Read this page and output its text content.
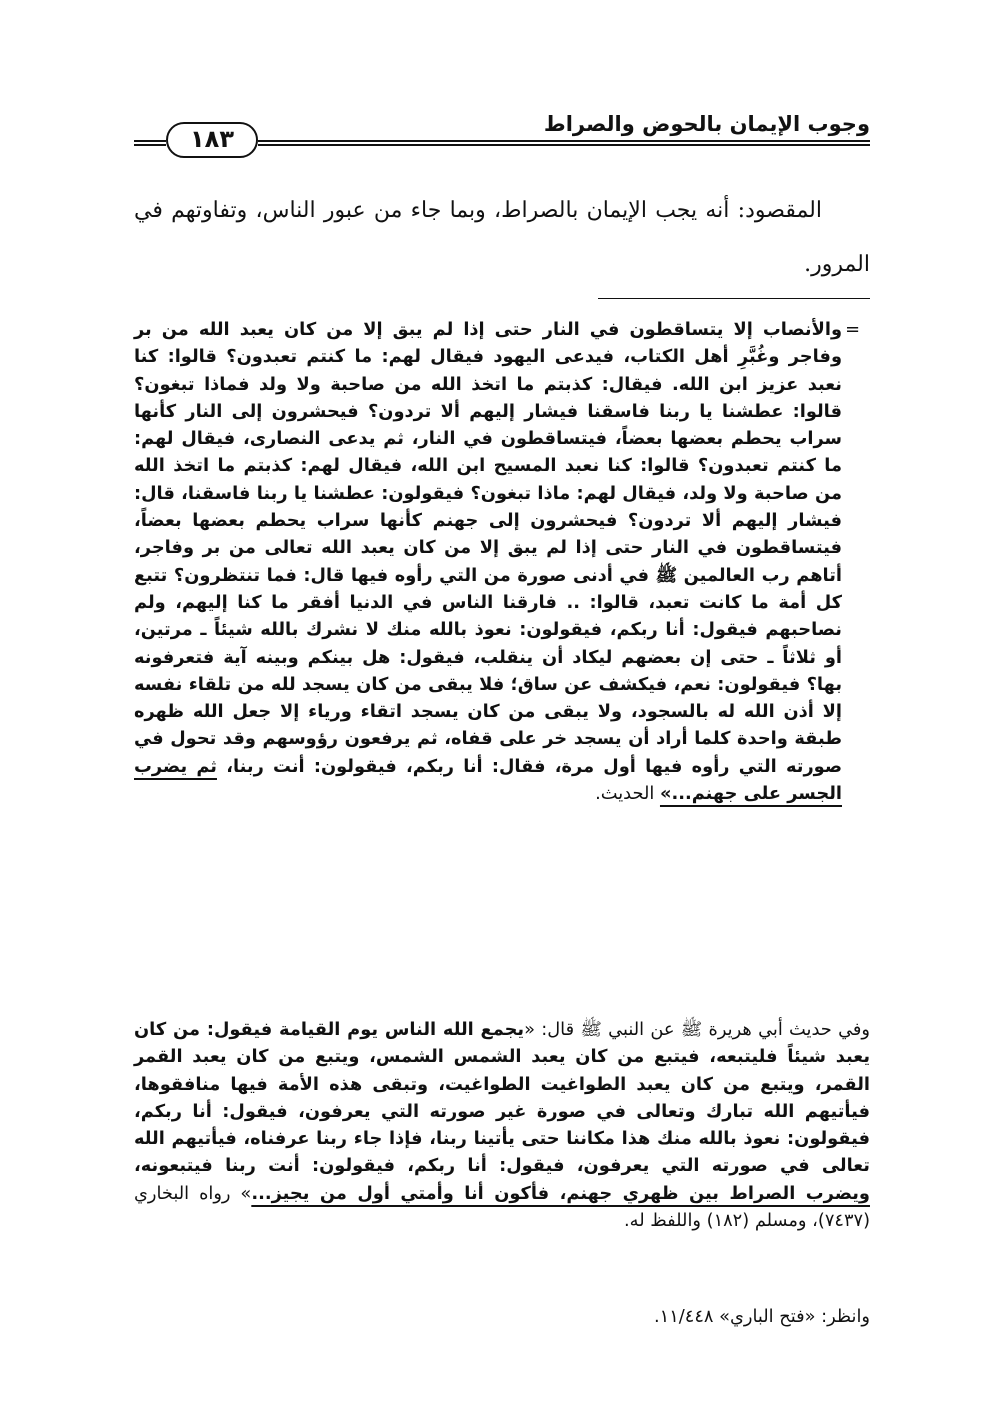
وجوب الإيمان بالحوض والصراط
١٨٣
المقصود: أنه يجب الإيمان بالصراط، وبما جاء من عبور الناس، وتفاوتهم في المرور.
=
والأنصاب إلا يتساقطون في النار حتى إذا لم يبق إلا من كان يعبد الله من بر وفاجر وغُبَّرِ أهل الكتاب، فيدعى اليهود فيقال لهم: ما كنتم تعبدون؟ قالوا: كنا نعبد عزيز ابن الله. فيقال: كذبتم ما اتخذ الله من صاحبة ولا ولد فماذا تبغون؟ قالوا: عطشنا يا ربنا فاسقنا فيشار إليهم ألا تردون؟ فيحشرون إلى النار كأنها سراب يحطم بعضها بعضاً، فيتساقطون في النار، ثم يدعى النصارى، فيقال لهم: ما كنتم تعبدون؟ قالوا: كنا نعبد المسيح ابن الله، فيقال لهم: كذبتم ما اتخذ الله من صاحبة ولا ولد، فيقال لهم: ماذا تبغون؟ فيقولون: عطشنا يا ربنا فاسقنا، قال: فيشار إليهم ألا تردون؟ فيحشرون إلى جهنم كأنها سراب يحطم بعضها بعضاً، فيتساقطون في النار حتى إذا لم يبق إلا من كان يعبد الله تعالى من بر وفاجر، أتاهم رب العالمين ﷺ في أدنى صورة من التي رأوه فيها قال: فما تنتظرون؟ تتبع كل أمة ما كانت تعبد، قالوا: .. فارقنا الناس في الدنيا أفقر ما كنا إليهم، ولم نصاحبهم فيقول: أنا ربكم، فيقولون: نعوذ بالله منك لا نشرك بالله شيئاً ـ مرتين، أو ثلاثاً ـ حتى إن بعضهم ليكاد أن ينقلب، فيقول: هل بينكم وبينه آية فتعرفونه بها؟ فيقولون: نعم، فيكشف عن ساق؛ فلا يبقى من كان يسجد لله من تلقاء نفسه إلا أذن الله له بالسجود، ولا يبقى من كان يسجد اتقاء ورياء إلا جعل الله ظهره طبقة واحدة كلما أراد أن يسجد خر على قفاه، ثم يرفعون رؤوسهم وقد تحول في صورته التي رأوه فيها أول مرة، فقال: أنا ربكم، فيقولون: أنت ربنا، ثم يضرب الجسر على جهنم...» الحديث.
وفي حديث أبي هريرة ﷺ عن النبي ﷺ قال: «يجمع الله الناس يوم القيامة فيقول: من كان يعبد شيئاً فليتبعه، فيتبع من كان يعبد الشمس الشمس، ويتبع من كان يعبد القمر القمر، ويتبع من كان يعبد الطواغيت الطواغيت، وتبقى هذه الأمة فيها منافقوها، فيأتيهم الله تبارك وتعالى في صورة غير صورته التي يعرفون، فيقول: أنا ربكم، فيقولون: نعوذ بالله منك هذا مكاننا حتى يأتينا ربنا، فإذا جاء ربنا عرفناه، فيأتيهم الله تعالى في صورته التي يعرفون، فيقول: أنا ربكم، فيقولون: أنت ربنا فيتبعونه، ويضرب الصراط بين ظهري جهنم، فأكون أنا وأمتي أول من يجيز...» رواه البخاري (٧٤٣٧)، ومسلم (١٨٢) واللفظ له.
وانظر: «فتح الباري» ١١/٤٤٨.
